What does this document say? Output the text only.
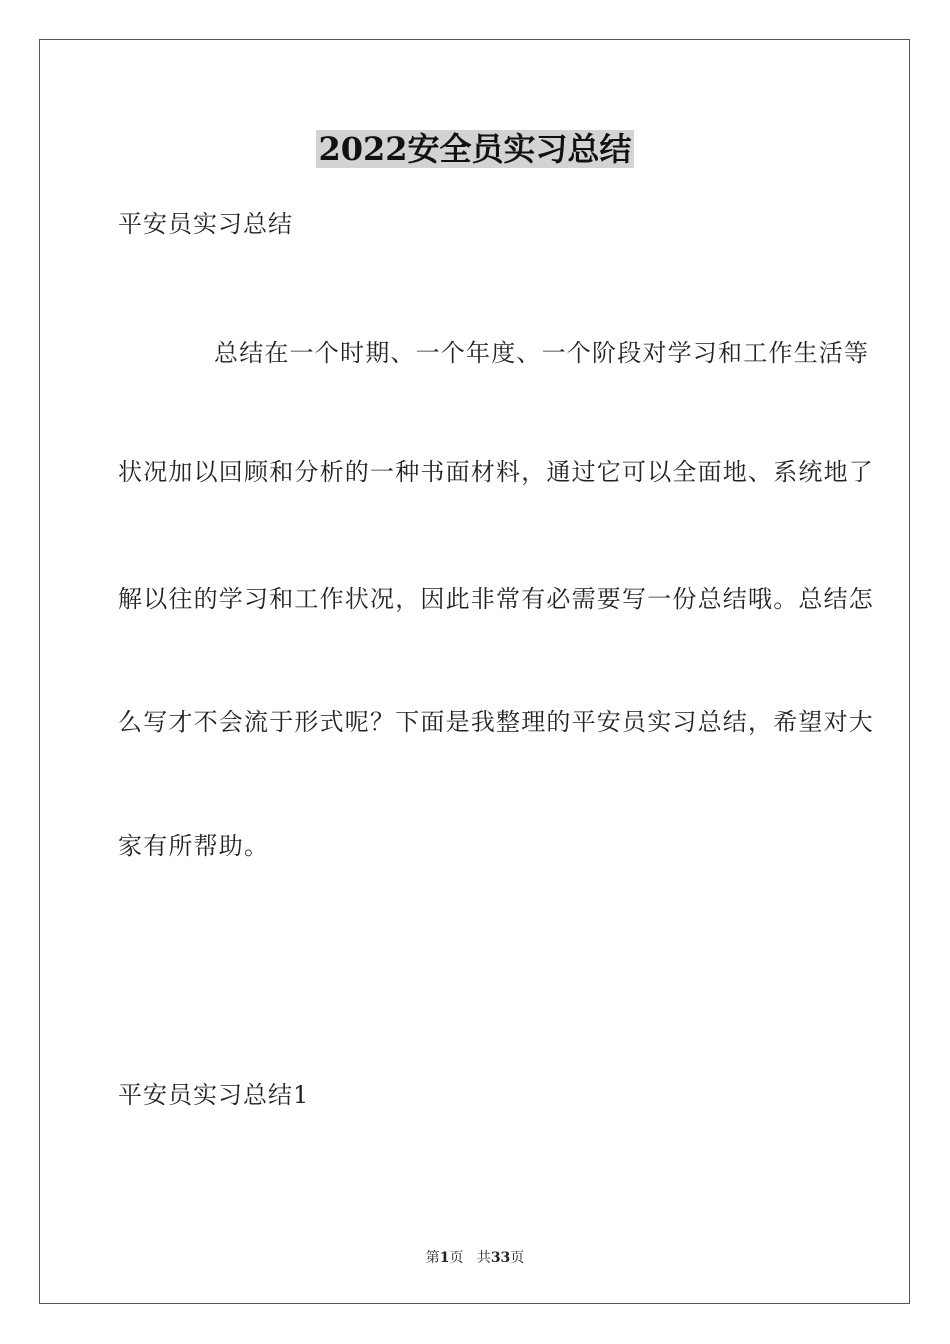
2022安全员实习总结
平安员实习总结
总结在一个时期、一个年度、一个阶段对学习和工作生活等
状况加以回顾和分析的一种书面材料，通过它可以全面地、系统地了
解以往的学习和工作状况，因此非常有必需要写一份总结哦。总结怎
么写才不会流于形式呢？下面是我整理的平安员实习总结，希望对大
家有所帮助。
平安员实习总结1
第1页 共33页
